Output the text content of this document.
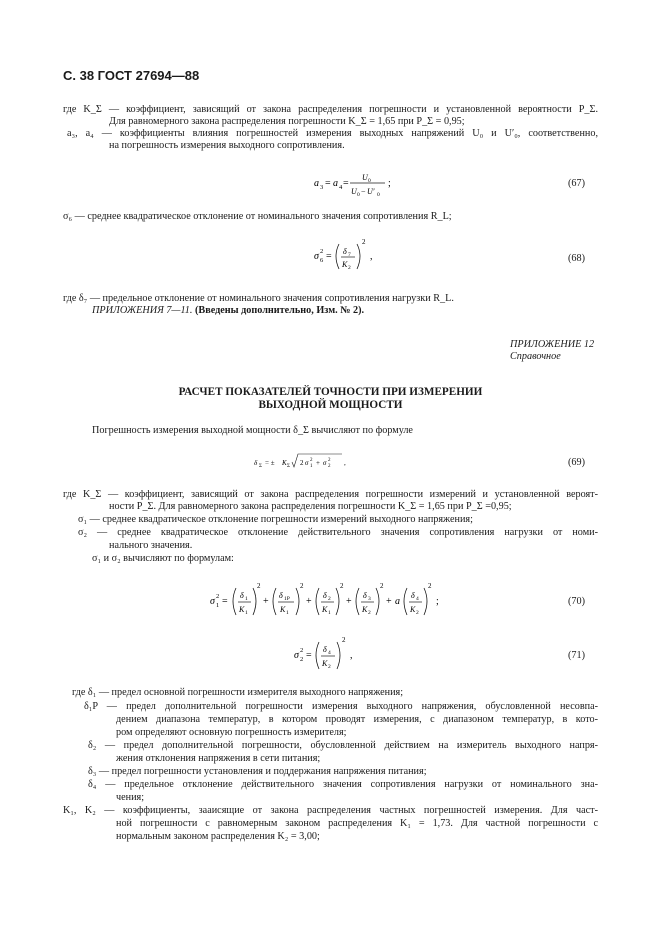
С. 38 ГОСТ 27694—88
где K_Σ — коэффициент, зависящий от закона распределения погрешности и установленной вероятности P_Σ.
Для равномерного закона распределения погрешности K_Σ = 1,65 при P_Σ = 0,95;
a₃, a₄ — коэффициенты влияния погрешностей измерения выходных напряжений U₀ и U′₀, соответственно,
на погрешность измерения выходного сопротивления.
a 3 = a 4 =
U 0
U 0 − U′ 0
;	(67)
σ₆ — среднее квадратическое отклонение от номинального значения сопротивления R_L;
σ 2
6 = δ 7
K 2
2
,	(68)
где δ₇ — предельное отклонение от номинального значения сопротивления нагрузки R_L.
ПРИЛОЖЕНИЯ 7—11. (Введены дополнительно, Изм. № 2).
ПРИЛОЖЕНИЕ 12
Справочное
РАСЧЕТ ПОКАЗАТЕЛЕЙ ТОЧНОСТИ ПРИ ИЗМЕРЕНИИ
ВЫХОДНОЙ МОЩНОСТИ
Погрешность измерения выходной мощности δ_Σ вычисляют по формуле
δ Σ = ± K Σ 2 σ 2
1 + σ 2
2 ,	(69)
где K_Σ — коэффициент, зависящий от закона распределения погрешности измерений и установленной вероят-
ности P_Σ. Для равномерного закона распределения погрешности K_Σ = 1,65 при P_Σ =0,95;
σ₁ — среднее квадратическое отклонение погрешности измерений выходного напряжения;
σ₂ — среднее квадратическое отклонение действительного значения сопротивления нагрузки от номи-
нального значения.
σ₁ и σ₂ вычисляют по формулам:
σ 2
1 =
δ 1
K 1
2
+
δ 1P
K 1
2
+
δ 2
K 1
2
+
δ 3
K 2
2
+ a
δ 4
K 2
2
;	(70)
σ 2
2 =
δ 4
K 2
2
,	(71)
где δ₁ — предел основной погрешности измерителя выходного напряжения;
δ₁P — предел дополнительной погрешности измерения выходного напряжения, обусловленной несовпа-
дением диапазона температур, в котором проводят измерения, с диапазоном температур, в кото-
ром определяют основную погрешность измерителя;
δ₂ — предел дополнительной погрешности, обусловленной действием на измеритель выходного напря-
жения отклонения напряжения в сети питания;
δ₃ — предел погрешности установления и поддержания напряжения питания;
δ₄ — предельное отклонение действительного значения сопротивления нагрузки от номинального зна-
чения;
K₁, K₂ — коэффициенты, зааисящие от закона распределения частных погрешностей измерения. Для част-
ной погрешности с равномерным законом распределения K₁ = 1,73. Для частной погрешности с
нормальным законом распределения K₂ = 3,00;
